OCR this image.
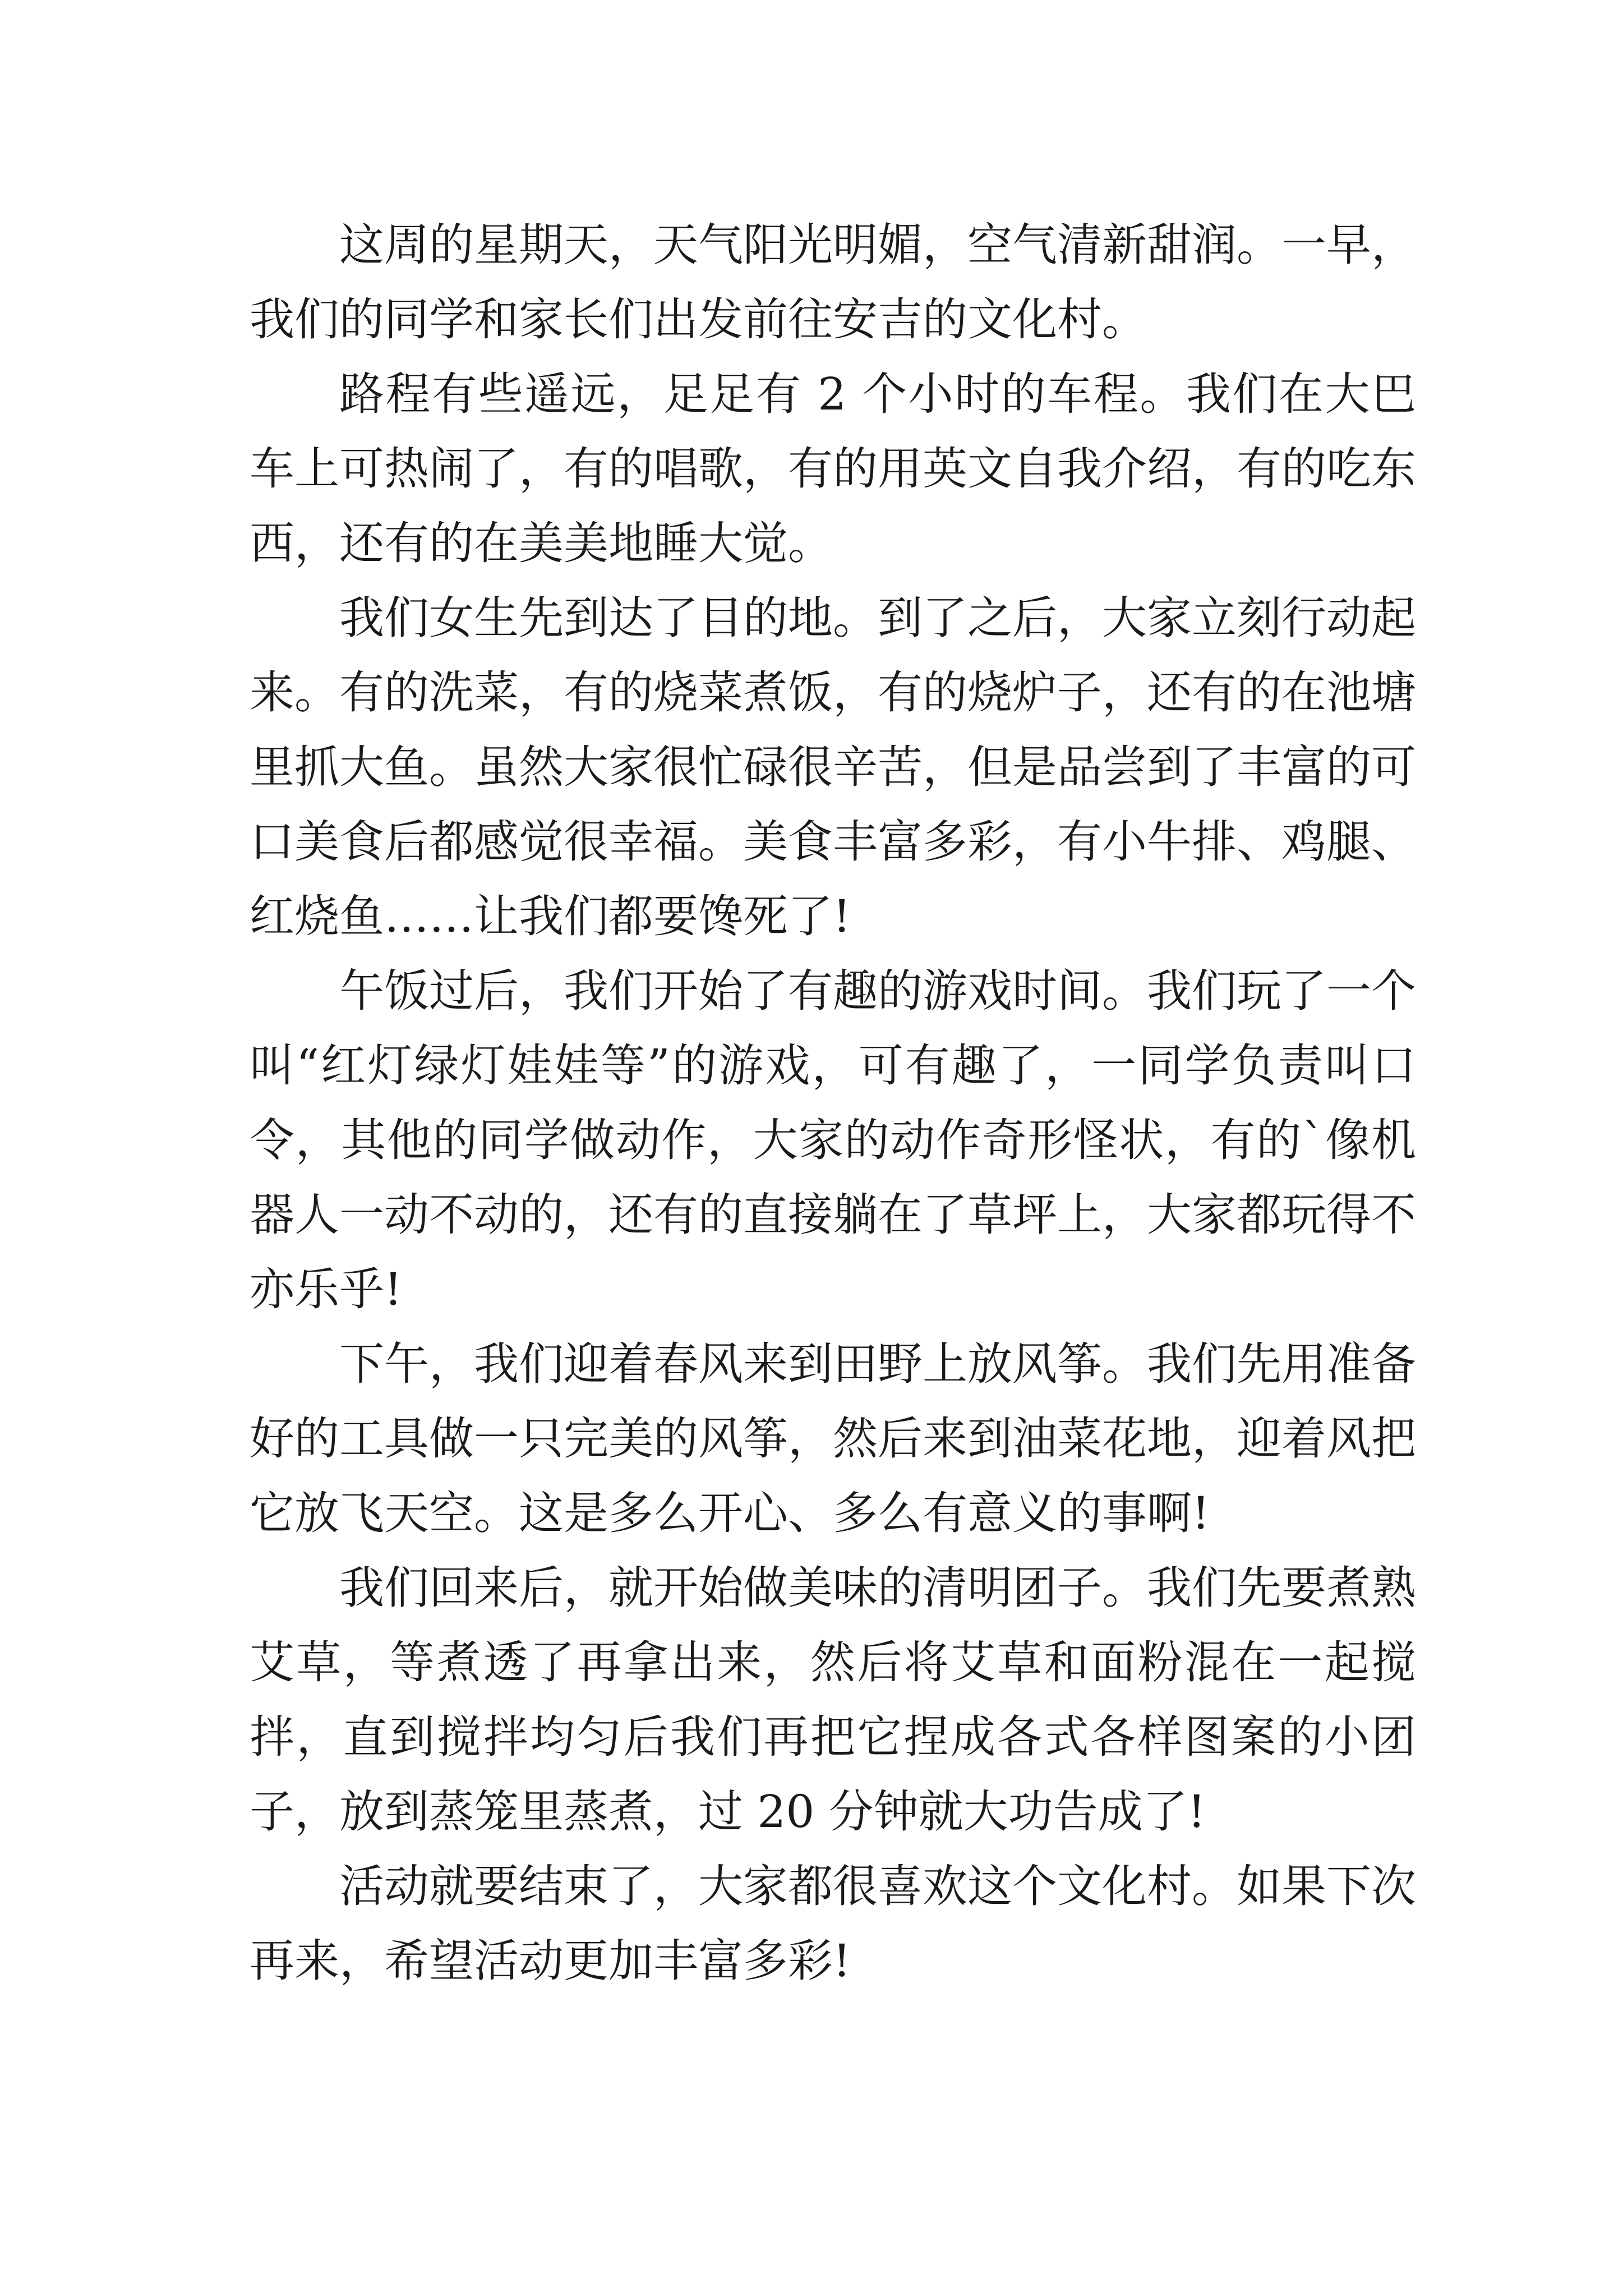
这周的星期天，天气阳光明媚，空气清新甜润。一早，我们的同学和家长们出发前往安吉的文化村。

路程有些遥远，足足有 2 个小时的车程。我们在大巴车上可热闹了，有的唱歌，有的用英文自我介绍，有的吃东西，还有的在美美地睡大觉。

我们女生先到达了目的地。到了之后，大家立刻行动起来。有的洗菜，有的烧菜煮饭，有的烧炉子，还有的在池塘里抓大鱼。虽然大家很忙碌很辛苦，但是品尝到了丰富的可口美食后都感觉很幸福。美食丰富多彩，有小牛排、鸡腿、红烧鱼……让我们都要馋死了!

午饭过后，我们开始了有趣的游戏时间。我们玩了一个叫“红灯绿灯娃娃等”的游戏，可有趣了，一同学负责叫口令，其他的同学做动作，大家的动作奇形怪状，有的`像机器人一动不动的，还有的直接躺在了草坪上，大家都玩得不亦乐乎!

下午，我们迎着春风来到田野上放风筝。我们先用准备好的工具做一只完美的风筝，然后来到油菜花地，迎着风把它放飞天空。这是多么开心、多么有意义的事啊!

我们回来后，就开始做美味的清明团子。我们先要煮熟艾草，等煮透了再拿出来，然后将艾草和面粉混在一起搅拌，直到搅拌均匀后我们再把它捏成各式各样图案的小团子，放到蒸笼里蒸煮，过 20 分钟就大功告成了!

活动就要结束了，大家都很喜欢这个文化村。如果下次再来，希望活动更加丰富多彩!
